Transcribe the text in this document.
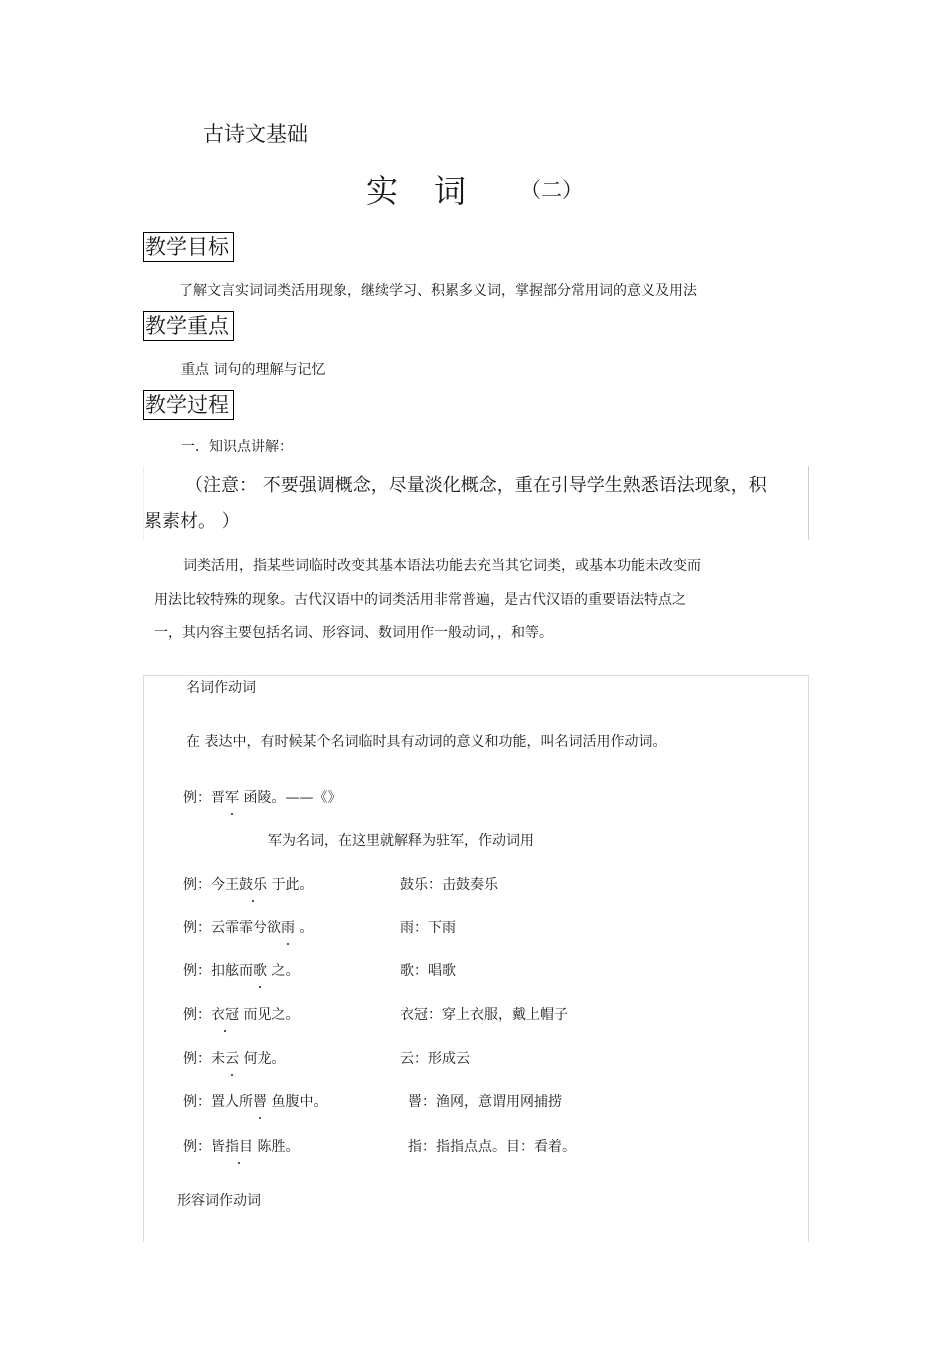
古诗文基础
实词 （二）
教学目标
了解文言实词词类活用现象，继续学习、积累多义词，掌握部分常用词的意义及用法
教学重点
重点 词句的理解与记忆
教学过程
一．知识点讲解：
（注意： 不要强调概念，尽量淡化概念，重在引导学生熟悉语法现象，积
累素材。 ）
词类活用，指某些词临时改变其基本语法功能去充当其它词类，或基本功能未改变而
用法比较特殊的现象。古代汉语中的词类活用非常普遍，是古代汉语的重要语法特点之
一，其内容主要包括名词、形容词、数词用作一般动词，，和等。
名词作动词
在 表达中，有时候某个名词临时具有动词的意义和功能，叫名词活用作动词。
例：晋军 函陵。——《》
军为名词，在这里就解释为驻军，作动词用
例：今王鼓乐 于此。	鼓乐：击鼓奏乐
例：云霏霏兮欲雨 。	雨：下雨
例：扣舷而歌 之。	歌：唱歌
例：衣冠 而见之。	衣冠：穿上衣服，戴上帽子
例：未云 何龙。	云：形成云
例：置人所罾 鱼腹中。	罾：渔网，意谓用网捕捞
例：皆指目 陈胜。	指：指指点点。目：看着。
形容词作动词
